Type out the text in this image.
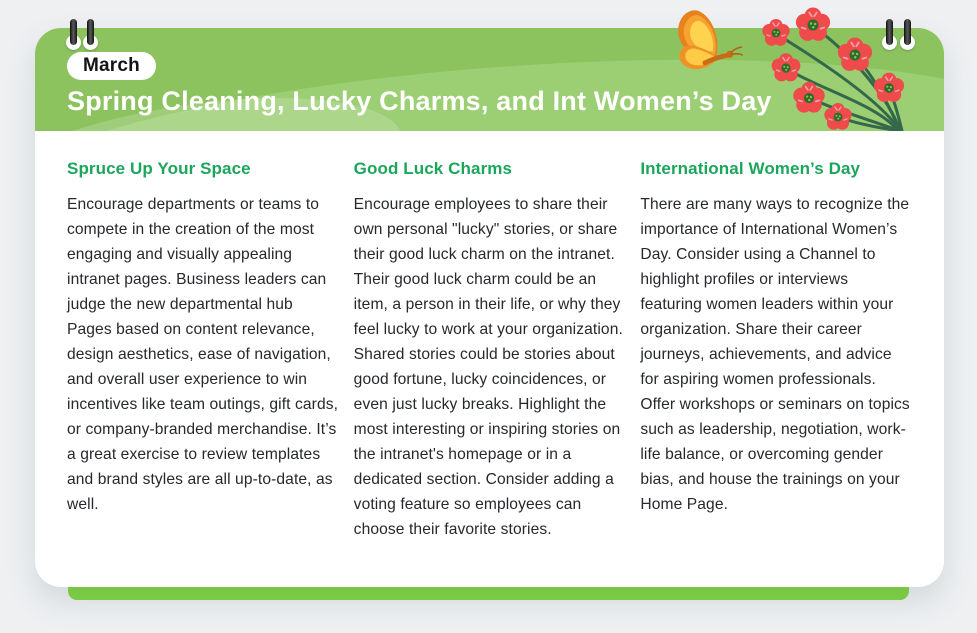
March
Spring Cleaning, Lucky Charms, and Int Women’s Day
Spruce Up Your Space

Encourage departments or teams to compete in the creation of the most engaging and visually appealing intranet pages. Business leaders can judge the new departmental hub Pages based on content relevance, design aesthetics, ease of navigation, and overall user experience to win incentives like team outings, gift cards, or company-branded merchandise. It’s a great exercise to review templates and brand styles are all up-to-date, as well.

Good Luck Charms

Encourage employees to share their own personal "lucky" stories, or share their good luck charm on the intranet. Their good luck charm could be an item, a person in their life, or why they feel lucky to work at your organization. Shared stories could be stories about good fortune, lucky coincidences, or even just lucky breaks. Highlight the most interesting or inspiring stories on the intranet's homepage or in a dedicated section. Consider adding a voting feature so employees can choose their favorite stories.

International Women’s Day

There are many ways to recognize the importance of International Women’s Day. Consider using a Channel to highlight profiles or interviews featuring women leaders within your organization. Share their career journeys, achievements, and advice for aspiring women professionals. Offer workshops or seminars on topics such as leadership, negotiation, work-life balance, or overcoming gender bias, and house the trainings on your Home Page.
